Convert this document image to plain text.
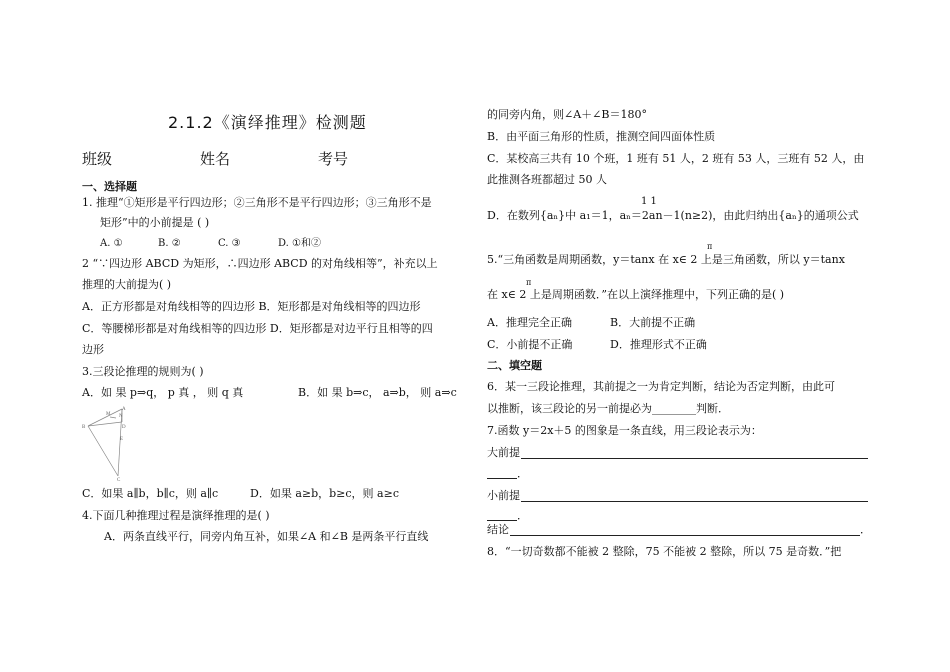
2.1.2《演绎推理》检测题
班级	姓名	考号
一、选择题
1. 推理“①矩形是平行四边形；②三角形不是平行四边形；③三角形不是
矩形”中的小前提是 ( )
A. ①	B. ②	C. ③	D. ①和②
2 “∵四边形 ABCD 为矩形，∴四边形 ABCD 的对角线相等”，补充以上
推理的大前提为( )
A．正方形都是对角线相等的四边形 B．矩形都是对角线相等的四边形
C．等腰梯形都是对角线相等的四边形 D．矩形都是对边平行且相等的四
边形
3.三段论推理的规则为( )
A．如 果 p⇒q， p 真 ， 则 q 真	B．如 果 b⇒c， a⇒b， 则 a⇒c
A
M N
D
B
E
C
C．如果 a∥b，b∥c，则 a∥c	D．如果 a≥b，b≥c，则 a≥c
4.下面几种推理过程是演绎推理的是( )
A．两条直线平行，同旁内角互补，如果∠A 和∠B 是两条平行直线
的同旁内角，则∠A＋∠B＝180°
B．由平面三角形的性质，推测空间四面体性质
C．某校高三共有 10 个班，1 班有 51 人，2 班有 53 人，三班有 52 人，由
此推测各班都超过 50 人
1 1
D．在数列{aₙ}中 a₁＝1，aₙ＝2an－1(n≥2)，由此归纳出{aₙ}的通项公式
π
5.“三角函数是周期函数，y＝tanx 在 x∈ 2 上是三角函数，所以 y＝tanx
π
在 x∈ 2 上是周期函数．”在以上演绎推理中，下列正确的是( )
A．推理完全正确	B．大前提不正确
C．小前提不正确	D．推理形式不正确
二、填空题
6．某一三段论推理，其前提之一为肯定判断，结论为否定判断，由此可
以推断，该三段论的另一前提必为________判断．
7.函数 y＝2x＋5 的图象是一条直线，用三段论表示为：
大前提
．
小前提
．
结论	．
8．“一切奇数都不能被 2 整除，75 不能被 2 整除，所以 75 是奇数．”把
